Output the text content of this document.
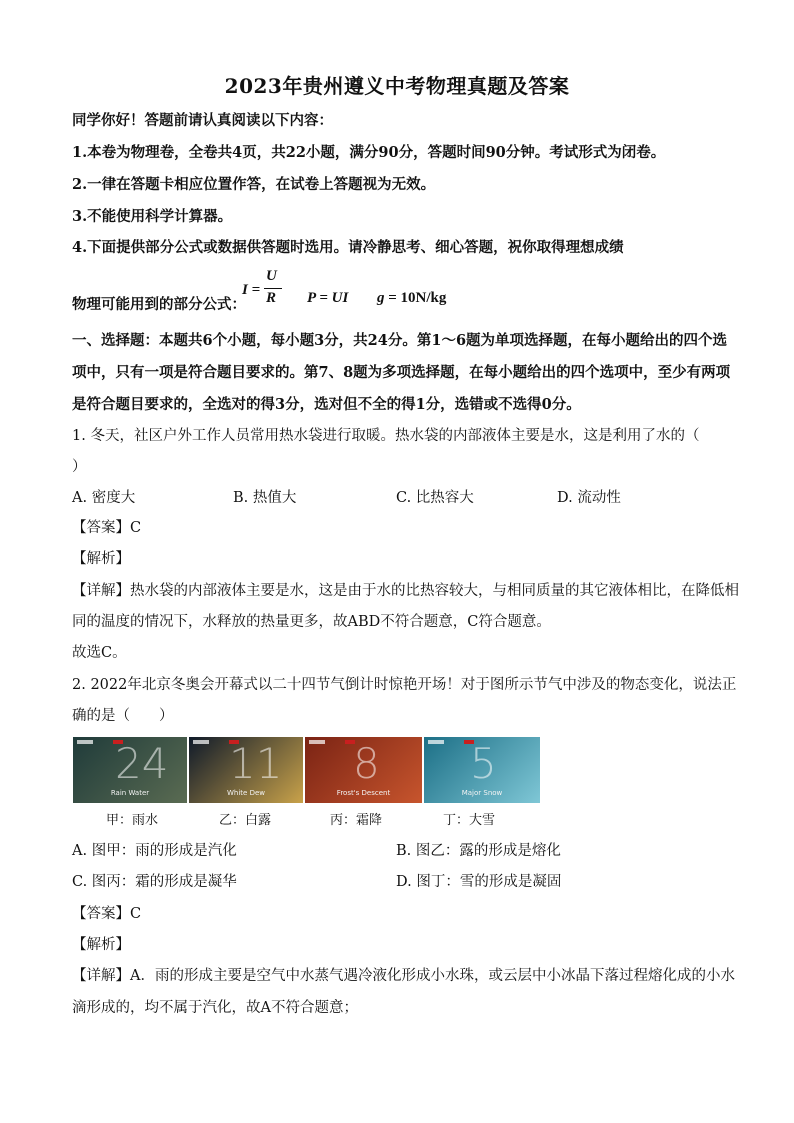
2023年贵州遵义中考物理真题及答案
同学你好！答题前请认真阅读以下内容：
1.本卷为物理卷，全卷共4页，共22小题，满分90分，答题时间90分钟。考试形式为闭卷。
2.一律在答题卡相应位置作答，在试卷上答题视为无效。
3.不能使用科学计算器。
4.下面提供部分公式或数据供答题时选用。请冷静思考、细心答题，祝你取得理想成绩
物理可能用到的部分公式：
I =
U
R P = UI g = 10N/kg
一、选择题：本题共6个小题，每小题3分，共24分。第1～6题为单项选择题，在每小题给出的四个选
项中，只有一项是符合题目要求的。第7、8题为多项选择题，在每小题给出的四个选项中，至少有两项
是符合题目要求的，全选对的得3分，选对但不全的得1分，选错或不选得0分。
1. 冬天，社区户外工作人员常用热水袋进行取暖。热水袋的内部液体主要是水，这是利用了水的（
）
A. 密度大	B. 热值大	C. 比热容大	D. 流动性
【答案】C
【解析】
【详解】热水袋的内部液体主要是水，这是由于水的比热容较大，与相同质量的其它液体相比，在降低相
同的温度的情况下，水释放的热量更多，故ABD不符合题意，C符合题意。
故选C。
2. 2022年北京冬奥会开幕式以二十四节气倒计时惊艳开场！对于图所示节气中涉及的物态变化，说法正
确的是（　　）
24
Rain Water
11
White Dew
8
Frost's Descent
5
Major Snow
甲：雨水	乙：白露	丙：霜降	丁：大雪
A. 图甲：雨的形成是汽化	B. 图乙：露的形成是熔化
C. 图丙：霜的形成是凝华	D. 图丁：雪的形成是凝固
【答案】C
【解析】
【详解】A．雨的形成主要是空气中水蒸气遇冷液化形成小水珠，或云层中小冰晶下落过程熔化成的小水
滴形成的，均不属于汽化，故A不符合题意；
